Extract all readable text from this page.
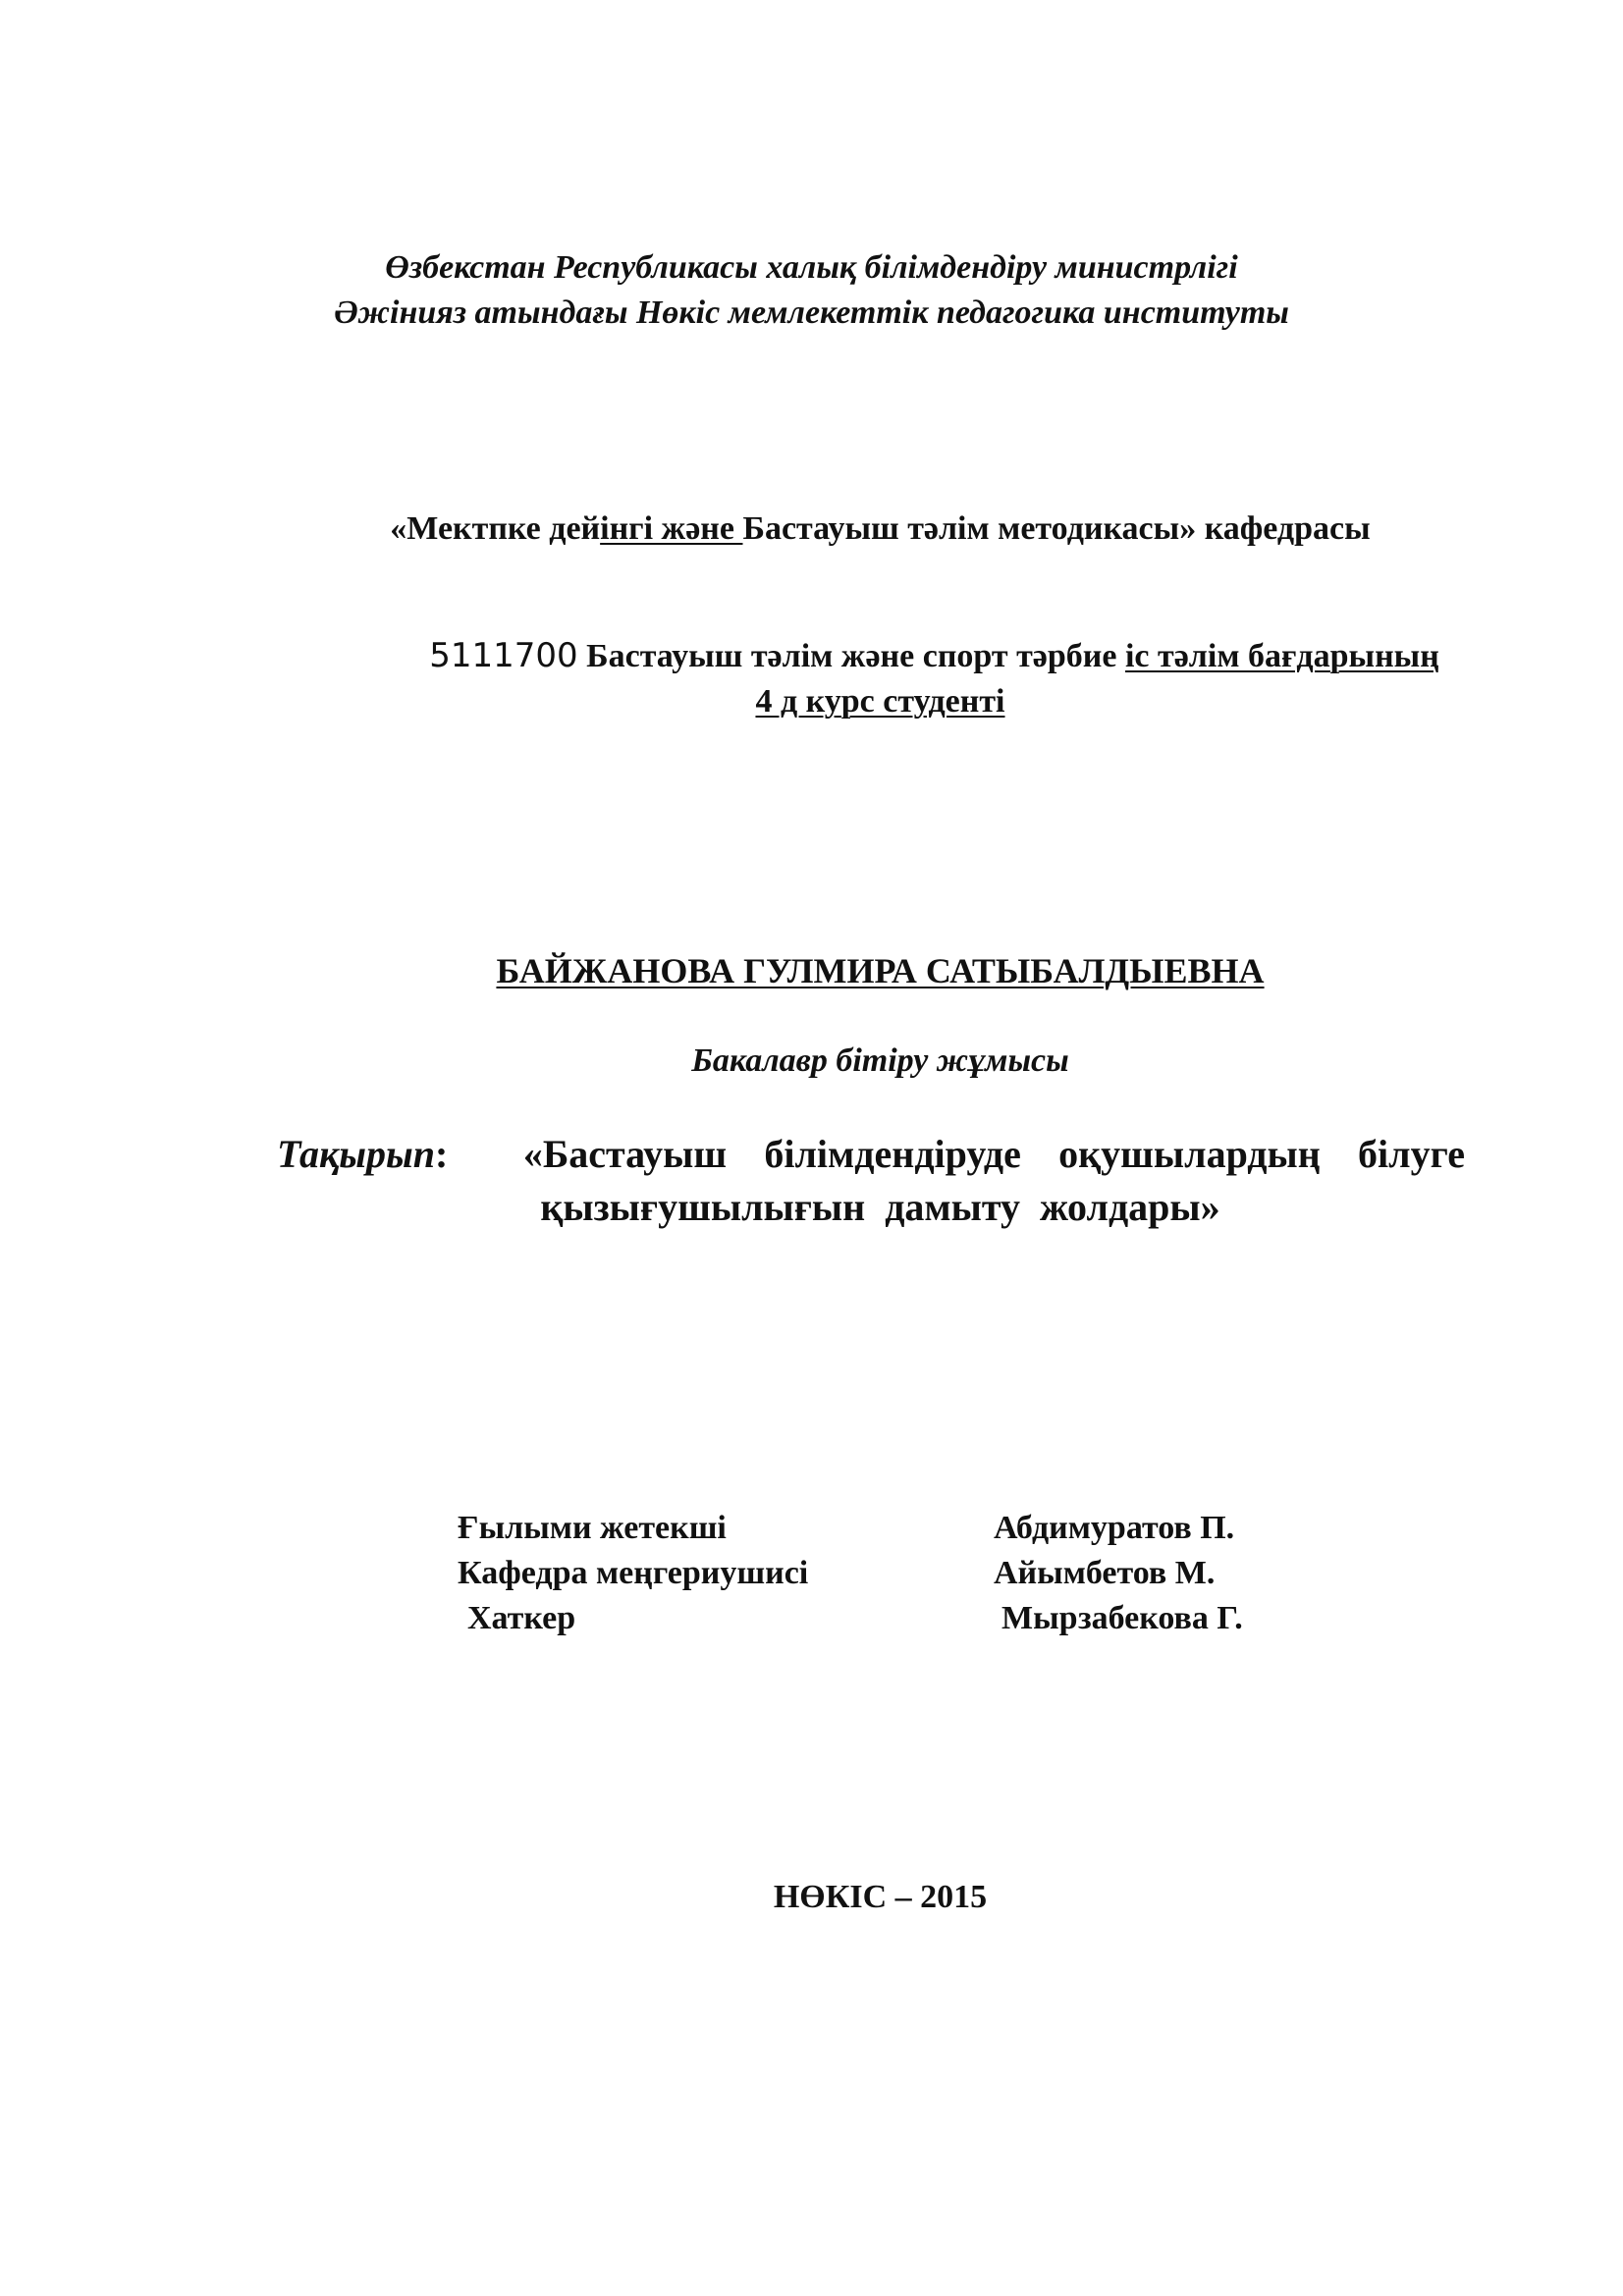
Өзбекстан Республикасы халық білімдендіру министрлігі
Әжінияз атындағы Нөкіс мемлекеттік педагогика институты
«Мектпке дейінгі және Бастауыш тәлім методикасы» кафедрасы
5111700 Бастауыш тәлім және спорт тәрбие іс тәлім бағдарының
4 д курс студенті
БАЙЖАНОВА ГУЛМИРА САТЫБАЛДЫЕВНА
Бакалавр бітіру жұмысы
Тақырып: «Бастауыш білімдендіруде оқушылардың білуге
қызығушылығын дамыту жолдары»
Ғылыми жетекші	Абдимуратов П.
Кафедра меңгериушисі	Айымбетов М.
Хаткер	Мырзабекова Г.
НӨКІС – 2015
